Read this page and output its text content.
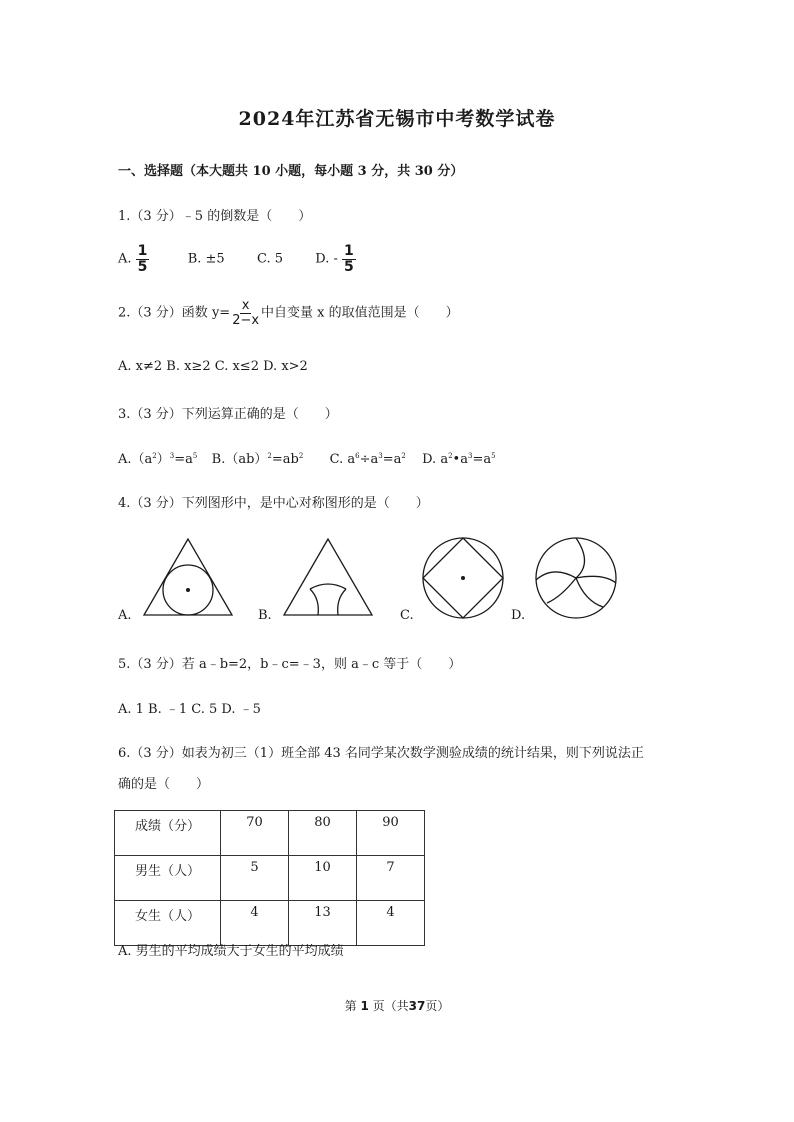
2024年江苏省无锡市中考数学试卷
一、选择题（本大题共 10 小题，每小题 3 分，共 30 分）
1.（3 分）﹣5 的倒数是（　　）
A. $\frac{1}{5}$	B. ±5 C. 5 D. - $\frac{1}{5}$
2.（3 分）函数 $y= \frac{x}{2-x}$ 中自变量 x 的取值范围是（　　）
A. x≠2 B. x≥2 C. x≤2 D. x>2
3.（3 分）下列运算正确的是（　　）
$A.(a^2)^3=a^5$ $B.(ab)^2=ab^2$ C. $a^6\div a^3=a^2$ D. $a^2•a^3=a^5$
4.（3 分）下列图形中，是中心对称图形的是（　　）
A.	B.	C.	D.
5.（3 分）若 a﹣b=2，b﹣c=﹣3，则 a﹣c 等于（　　）
A. 1 B. ﹣1 C. 5 D. ﹣5
6.（3 分）如表为初三（1）班全部 43 名同学某次数学测验成绩的统计结果，则下列说法正
确的是（　　）
成绩（分）	70	80	90
男生（人）	5	10	7
女生（人）	4	13	4
A. 男生的平均成绩大于女生的平均成绩
第 1 页（共37页）
